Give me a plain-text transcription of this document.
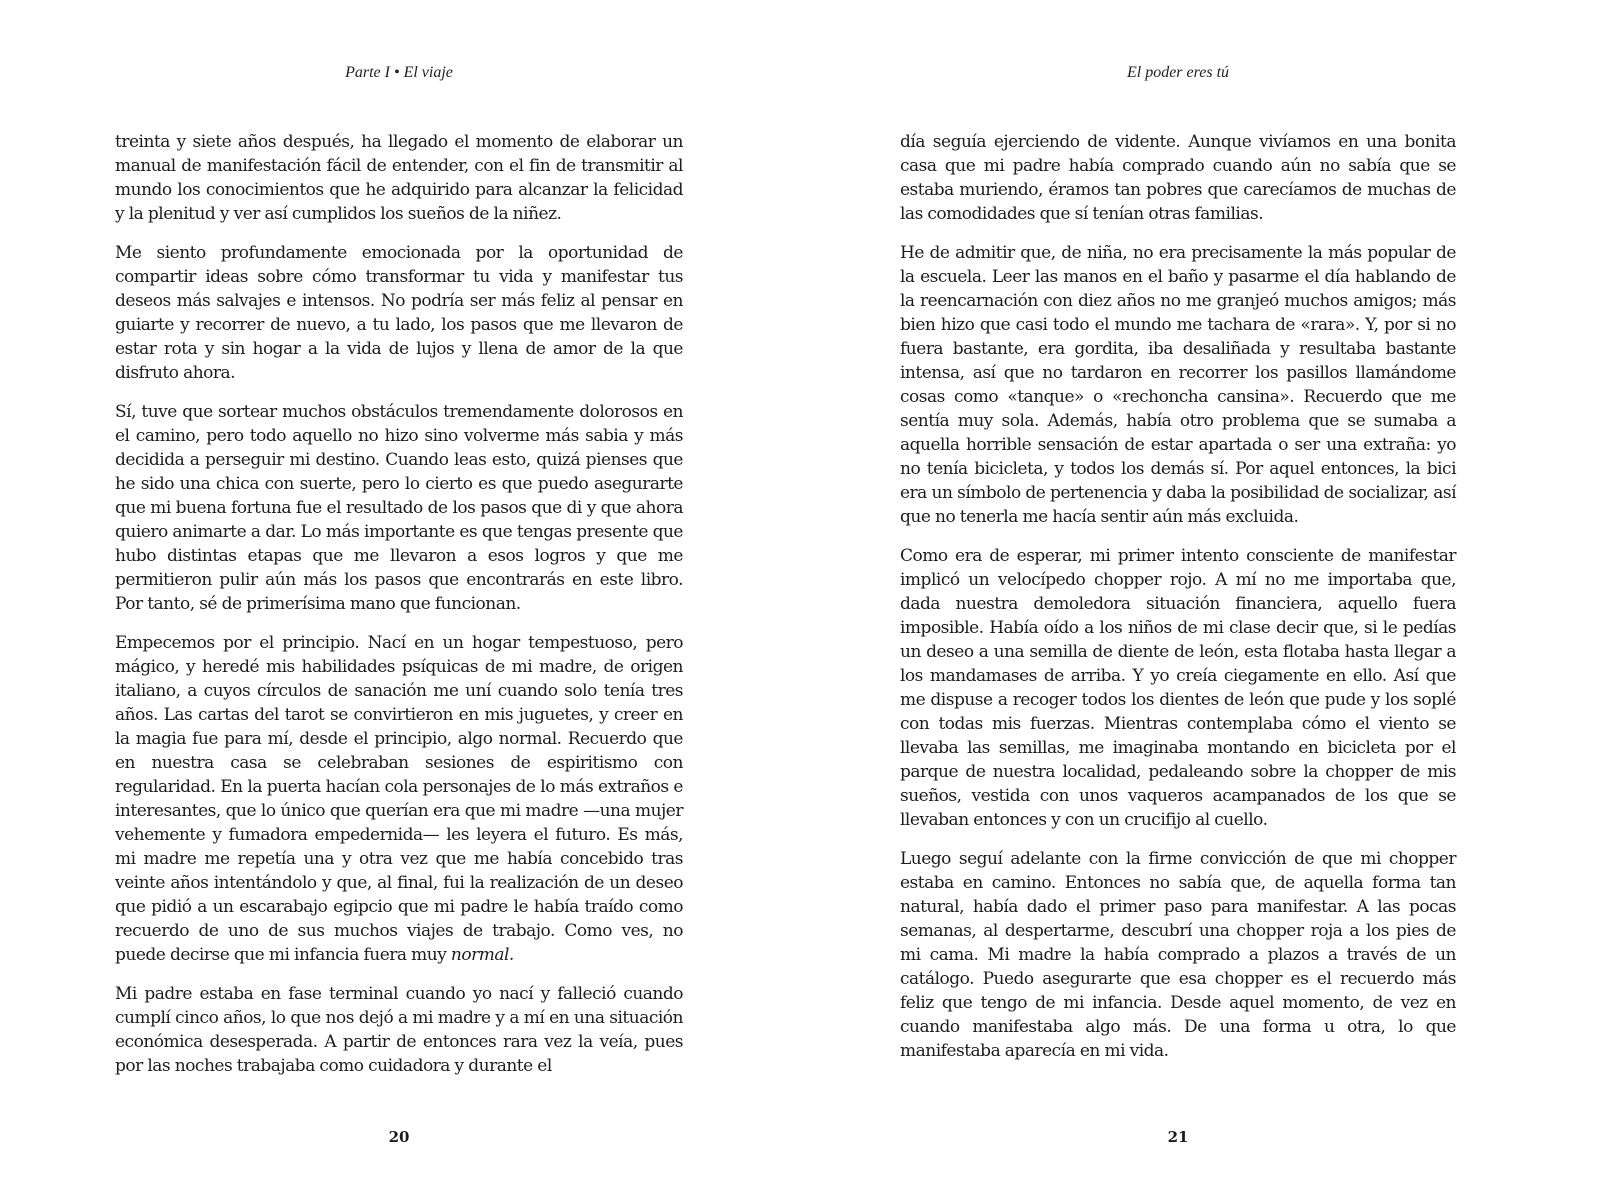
Parte I • El viaje

treinta y siete años después, ha llegado el momento de elaborar un manual de manifestación fácil de entender, con el fin de transmitir al mundo los conocimientos que he adquirido para alcanzar la felicidad y la plenitud y ver así cumplidos los sueños de la niñez.

Me siento profundamente emocionada por la oportunidad de compartir ideas sobre cómo transformar tu vida y manifestar tus deseos más salvajes e intensos. No podría ser más feliz al pensar en guiarte y recorrer de nuevo, a tu lado, los pasos que me llevaron de estar rota y sin hogar a la vida de lujos y llena de amor de la que disfruto ahora.

Sí, tuve que sortear muchos obstáculos tremendamente dolorosos en el camino, pero todo aquello no hizo sino volverme más sabia y más decidida a perseguir mi destino. Cuando leas esto, quizá pienses que he sido una chica con suerte, pero lo cierto es que puedo asegurarte que mi buena fortuna fue el resultado de los pasos que di y que ahora quiero animarte a dar. Lo más importante es que tengas presente que hubo distintas etapas que me llevaron a esos logros y que me permitieron pulir aún más los pasos que encontrarás en este libro. Por tanto, sé de primerísima mano que funcionan.

Empecemos por el principio. Nací en un hogar tempestuoso, pero mágico, y heredé mis habilidades psíquicas de mi madre, de origen italiano, a cuyos círculos de sanación me uní cuando solo tenía tres años. Las cartas del tarot se convirtieron en mis juguetes, y creer en la magia fue para mí, desde el principio, algo normal. Recuerdo que en nuestra casa se celebraban sesiones de espiritismo con regularidad. En la puerta hacían cola personajes de lo más extraños e interesantes, que lo único que querían era que mi madre —una mujer vehemente y fumadora empedernida— les leyera el futuro. Es más, mi madre me repetía una y otra vez que me había concebido tras veinte años intentándolo y que, al final, fui la realización de un deseo que pidió a un escarabajo egipcio que mi padre le había traído como recuerdo de uno de sus muchos viajes de trabajo. Como ves, no puede decirse que mi infancia fuera muy normal.

Mi padre estaba en fase terminal cuando yo nací y falleció cuando cumplí cinco años, lo que nos dejó a mi madre y a mí en una situación económica desesperada. A partir de entonces rara vez la veía, pues por las noches trabajaba como cuidadora y durante el

20
El poder eres tú

día seguía ejerciendo de vidente. Aunque vivíamos en una bonita casa que mi padre había comprado cuando aún no sabía que se estaba muriendo, éramos tan pobres que carecíamos de muchas de las comodidades que sí tenían otras familias.

He de admitir que, de niña, no era precisamente la más popular de la escuela. Leer las manos en el baño y pasarme el día hablando de la reencarnación con diez años no me granjeó muchos amigos; más bien hizo que casi todo el mundo me tachara de «rara». Y, por si no fuera bastante, era gordita, iba desaliñada y resultaba bastante intensa, así que no tardaron en recorrer los pasillos llamándome cosas como «tanque» o «rechoncha cansina». Recuerdo que me sentía muy sola. Además, había otro problema que se sumaba a aquella horrible sensación de estar apartada o ser una extraña: yo no tenía bicicleta, y todos los demás sí. Por aquel entonces, la bici era un símbolo de pertenencia y daba la posibilidad de socializar, así que no tenerla me hacía sentir aún más excluida.

Como era de esperar, mi primer intento consciente de manifestar implicó un velocípedo chopper rojo. A mí no me importaba que, dada nuestra demoledora situación financiera, aquello fuera imposible. Había oído a los niños de mi clase decir que, si le pedías un deseo a una semilla de diente de león, esta flotaba hasta llegar a los mandamases de arriba. Y yo creía ciegamente en ello. Así que me dispuse a recoger todos los dientes de león que pude y los soplé con todas mis fuerzas. Mientras contemplaba cómo el viento se llevaba las semillas, me imaginaba montando en bicicleta por el parque de nuestra localidad, pedaleando sobre la chopper de mis sueños, vestida con unos vaqueros acampanados de los que se llevaban entonces y con un crucifijo al cuello.

Luego seguí adelante con la firme convicción de que mi chopper estaba en camino. Entonces no sabía que, de aquella forma tan natural, había dado el primer paso para manifestar. A las pocas semanas, al despertarme, descubrí una chopper roja a los pies de mi cama. Mi madre la había comprado a plazos a través de un catálogo. Puedo asegurarte que esa chopper es el recuerdo más feliz que tengo de mi infancia. Desde aquel momento, de vez en cuando manifestaba algo más. De una forma u otra, lo que manifestaba aparecía en mi vida.

21
